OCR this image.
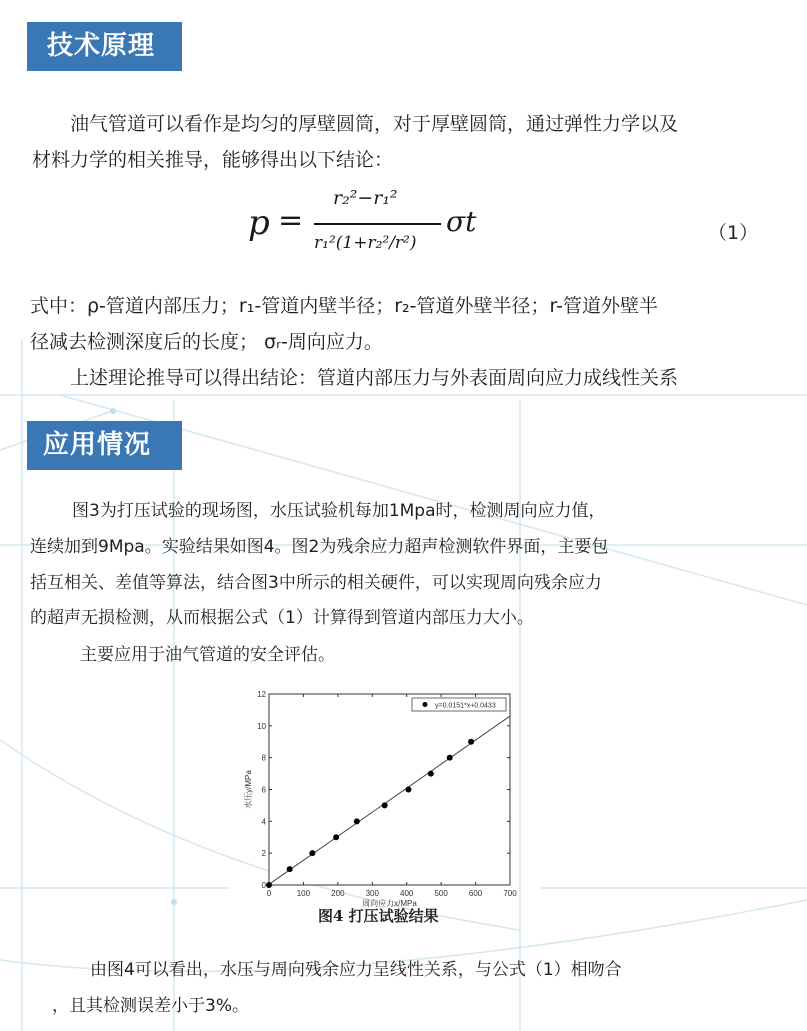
技术原理
油气管道可以看作是均匀的厚壁圆筒，对于厚壁圆筒，通过弹性力学以及
材料力学的相关推导，能够得出以下结论：
p =
r₂²−r₁²
r₁²(1+r₂²/r²)
σt	（1）
式中：ρ-管道内部压力；r₁-管道内壁半径；r₂-管道外壁半径；r-管道外壁半
径减去检测深度后的长度； σᵣ-周向应力。
上述理论推导可以得出结论：管道内部压力与外表面周向应力成线性关系
应用情况
图3为打压试验的现场图，水压试验机每加1Mpa时，检测周向应力值，
连续加到9Mpa。实验结果如图4。图2为残余应力超声检测软件界面，主要包
括互相关、差值等算法，结合图3中所示的相关硬件，可以实现周向残余应力
的超声无损检测，从而根据公式（1）计算得到管道内部压力大小。
主要应用于油气管道的安全评估。
0	100	200	300	400	500	600	700
0
2
4
6
8
10
12
y=0.0151*x+0.0433
周向应力x/MPa
水压y/MPa
图4 打压试验结果
由图4可以看出，水压与周向残余应力呈线性关系，与公式（1）相吻合
，且其检测误差小于3%。
